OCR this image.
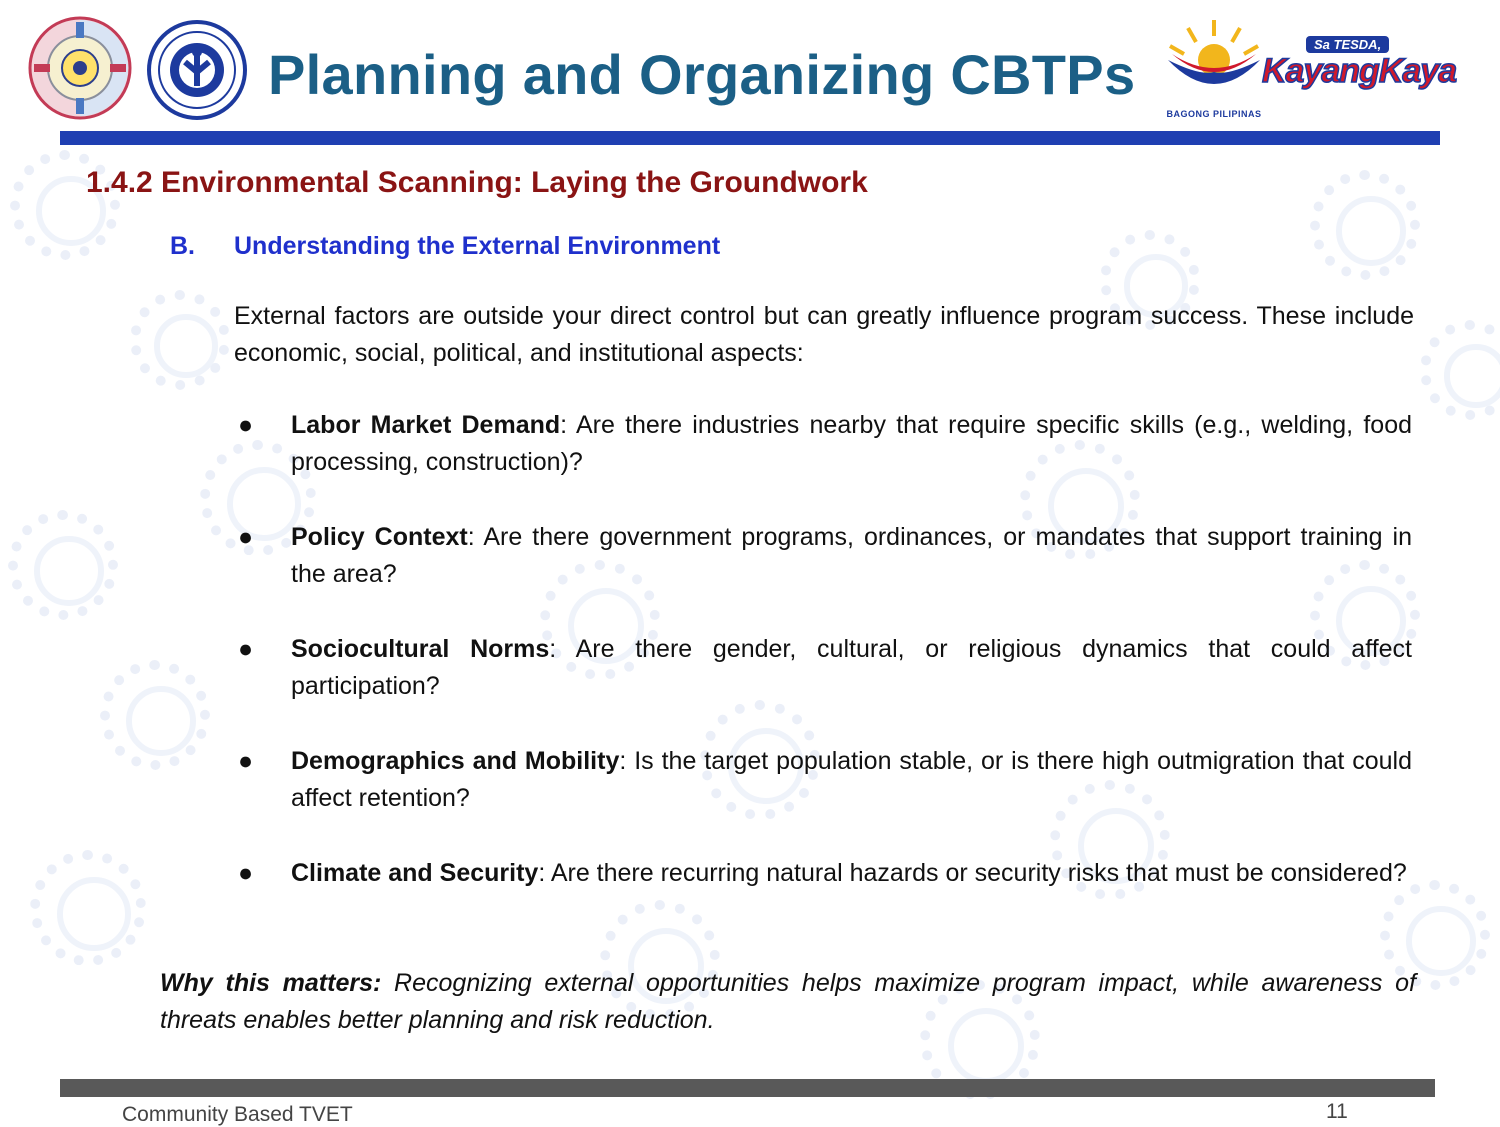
Planning and Organizing CBTPs
BAGONG PILIPINAS
Sa TESDA,
KayangKaya
1.4.2 Environmental Scanning: Laying the Groundwork
B. Understanding the External Environment

External factors are outside your direct control but can greatly influence program success. These include economic, social, political, and institutional aspects:

● Labor Market Demand: Are there industries nearby that require specific skills (e.g., welding, food processing, construction)?
● Policy Context: Are there government programs, ordinances, or mandates that support training in the area?
● Sociocultural Norms: Are there gender, cultural, or religious dynamics that could affect participation?
● Demographics and Mobility: Is the target population stable, or is there high outmigration that could affect retention?
● Climate and Security: Are there recurring natural hazards or security risks that must be considered?

Why this matters: Recognizing external opportunities helps maximize program impact, while awareness of threats enables better planning and risk reduction.

Community Based TVET	11
